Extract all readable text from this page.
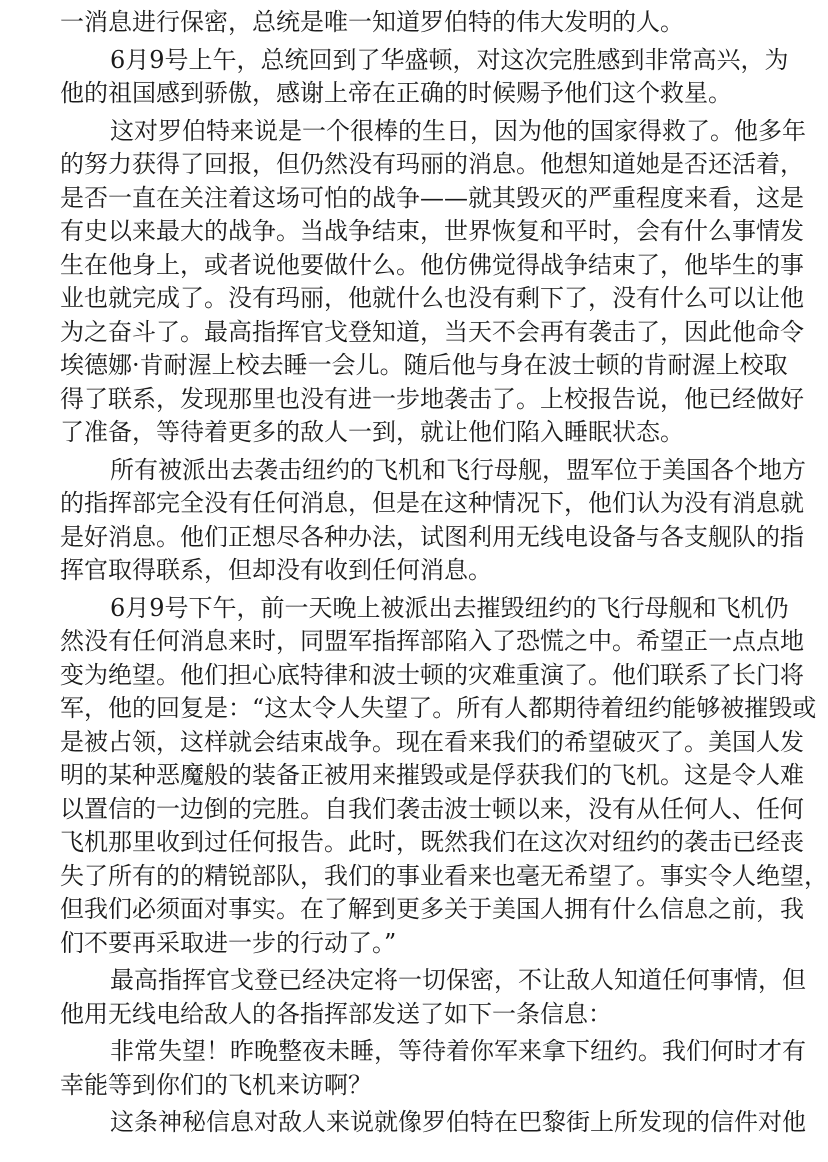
一消息进行保密，总统是唯一知道罗伯特的伟大发明的人。
6月9号上午，总统回到了华盛顿，对这次完胜感到非常高兴，为
他的祖国感到骄傲，感谢上帝在正确的时候赐予他们这个救星。
这对罗伯特来说是一个很棒的生日，因为他的国家得救了。他多年
的努力获得了回报，但仍然没有玛丽的消息。他想知道她是否还活着，
是否一直在关注着这场可怕的战争——就其毁灭的严重程度来看，这是
有史以来最大的战争。当战争结束，世界恢复和平时，会有什么事情发
生在他身上，或者说他要做什么。他仿佛觉得战争结束了，他毕生的事
业也就完成了。没有玛丽，他就什么也没有剩下了，没有什么可以让他
为之奋斗了。最高指挥官戈登知道，当天不会再有袭击了，因此他命令
埃德娜·肯耐渥上校去睡一会儿。随后他与身在波士顿的肯耐渥上校取
得了联系，发现那里也没有进一步地袭击了。上校报告说，他已经做好
了准备，等待着更多的敌人一到，就让他们陷入睡眠状态。
所有被派出去袭击纽约的飞机和飞行母舰，盟军位于美国各个地方
的指挥部完全没有任何消息，但是在这种情况下，他们认为没有消息就
是好消息。他们正想尽各种办法，试图利用无线电设备与各支舰队的指
挥官取得联系，但却没有收到任何消息。
6月9号下午，前一天晚上被派出去摧毁纽约的飞行母舰和飞机仍
然没有任何消息来时，同盟军指挥部陷入了恐慌之中。希望正一点点地
变为绝望。他们担心底特律和波士顿的灾难重演了。他们联系了长门将
军，他的回复是：“这太令人失望了。所有人都期待着纽约能够被摧毁或
是被占领，这样就会结束战争。现在看来我们的希望破灭了。美国人发
明的某种恶魔般的装备正被用来摧毁或是俘获我们的飞机。这是令人难
以置信的一边倒的完胜。自我们袭击波士顿以来，没有从任何人、任何
飞机那里收到过任何报告。此时，既然我们在这次对纽约的袭击已经丧
失了所有的的精锐部队，我们的事业看来也毫无希望了。事实令人绝望，
但我们必须面对事实。在了解到更多关于美国人拥有什么信息之前，我
们不要再采取进一步的行动了。”
最高指挥官戈登已经决定将一切保密，不让敌人知道任何事情，但
他用无线电给敌人的各指挥部发送了如下一条信息：
非常失望！昨晚整夜未睡，等待着你军来拿下纽约。我们何时才有
幸能等到你们的飞机来访啊？
这条神秘信息对敌人来说就像罗伯特在巴黎街上所发现的信件对他
